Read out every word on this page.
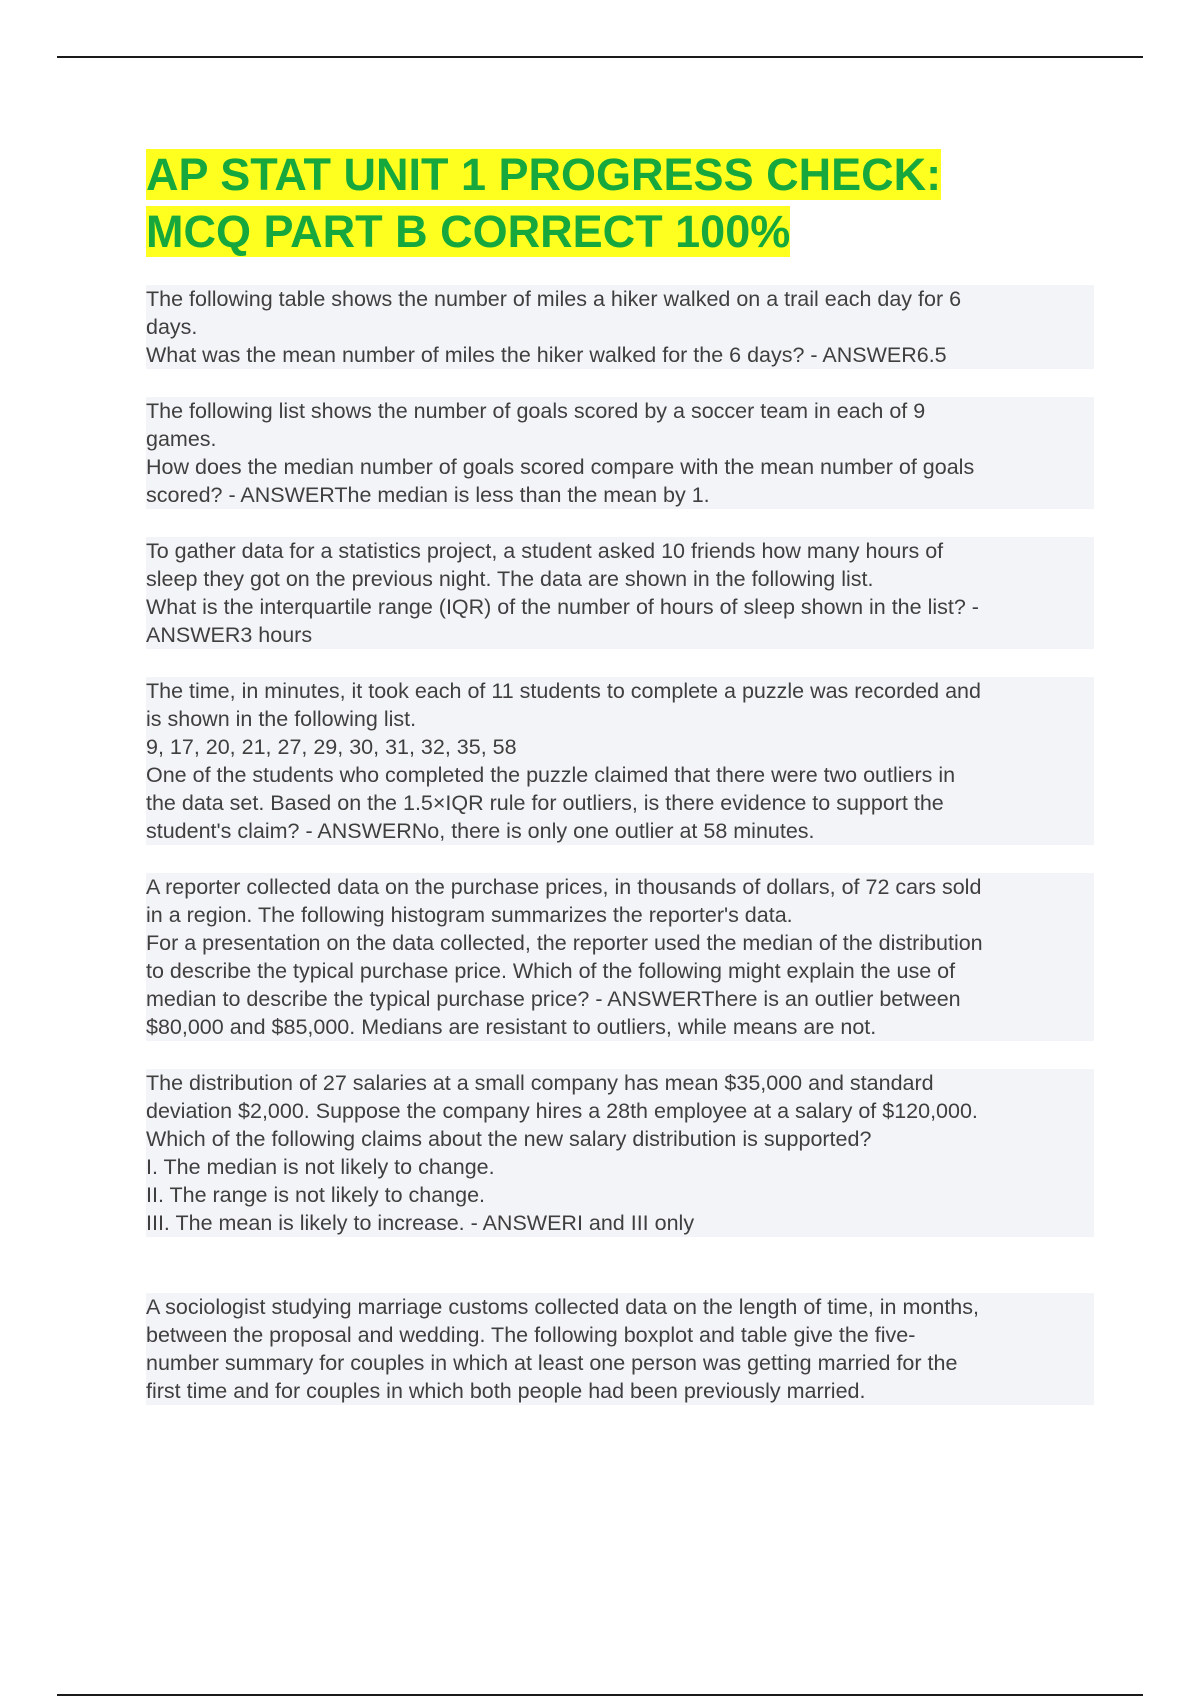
AP STAT UNIT 1 PROGRESS CHECK:
MCQ PART B CORRECT 100%

The following table shows the number of miles a hiker walked on a trail each day for 6
days.
What was the mean number of miles the hiker walked for the 6 days? - ANSWER6.5

The following list shows the number of goals scored by a soccer team in each of 9
games.
How does the median number of goals scored compare with the mean number of goals
scored? - ANSWERThe median is less than the mean by 1.

To gather data for a statistics project, a student asked 10 friends how many hours of
sleep they got on the previous night. The data are shown in the following list.
What is the interquartile range (IQR) of the number of hours of sleep shown in the list? -
ANSWER3 hours

The time, in minutes, it took each of 11 students to complete a puzzle was recorded and
is shown in the following list.
9, 17, 20, 21, 27, 29, 30, 31, 32, 35, 58
One of the students who completed the puzzle claimed that there were two outliers in
the data set. Based on the 1.5×IQR rule for outliers, is there evidence to support the
student's claim? - ANSWERNo, there is only one outlier at 58 minutes.

A reporter collected data on the purchase prices, in thousands of dollars, of 72 cars sold
in a region. The following histogram summarizes the reporter's data.
For a presentation on the data collected, the reporter used the median of the distribution
to describe the typical purchase price. Which of the following might explain the use of
median to describe the typical purchase price? - ANSWERThere is an outlier between
$80,000 and $85,000. Medians are resistant to outliers, while means are not.

The distribution of 27 salaries at a small company has mean $35,000 and standard
deviation $2,000. Suppose the company hires a 28th employee at a salary of $120,000.
Which of the following claims about the new salary distribution is supported?
I. The median is not likely to change.
II. The range is not likely to change.
III. The mean is likely to increase. - ANSWERI and III only

A sociologist studying marriage customs collected data on the length of time, in months,
between the proposal and wedding. The following boxplot and table give the five-
number summary for couples in which at least one person was getting married for the
first time and for couples in which both people had been previously married.
